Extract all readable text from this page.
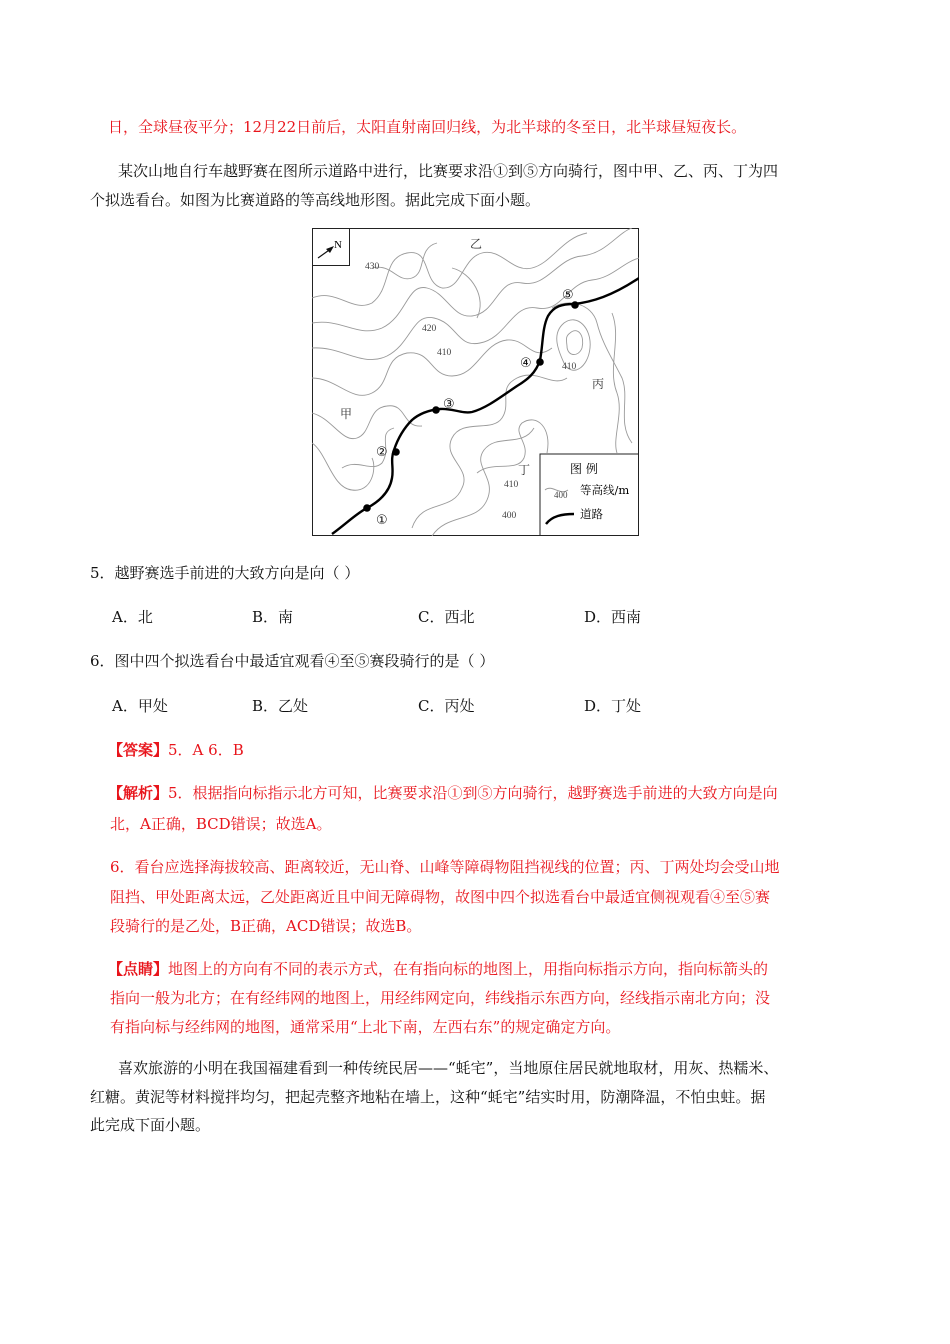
日，全球昼夜平分；12月22日前后，太阳直射南回归线，为北半球的冬至日，北半球昼短夜长。
某次山地自行车越野赛在图所示道路中进行，比赛要求沿①到⑤方向骑行，图中甲、乙、丙、丁为四
个拟选看台。如图为比赛道路的等高线地形图。据此完成下面小题。
N
①
②
③
④
⑤
乙
甲
丙
丁
430
420
410
410
410
400
图 例
400 等高线/m
道路
5．越野赛选手前进的大致方向是向（ ）
A．北	B．南	C．西北	D．西南
6．图中四个拟选看台中最适宜观看④至⑤赛段骑行的是（ ）
A．甲处	B．乙处	C．丙处	D．丁处
【答案】5．A 6．B
【解析】5．根据指向标指示北方可知，比赛要求沿①到⑤方向骑行，越野赛选手前进的大致方向是向
北，A正确，BCD错误；故选A。
6．看台应选择海拔较高、距离较近，无山脊、山峰等障碍物阻挡视线的位置；丙、丁两处均会受山地
阻挡、甲处距离太远，乙处距离近且中间无障碍物，故图中四个拟选看台中最适宜侧视观看④至⑤赛
段骑行的是乙处，B正确，ACD错误；故选B。
【点睛】地图上的方向有不同的表示方式，在有指向标的地图上，用指向标指示方向，指向标箭头的
指向一般为北方；在有经纬网的地图上，用经纬网定向，纬线指示东西方向，经线指示南北方向；没
有指向标与经纬网的地图，通常采用“上北下南，左西右东”的规定确定方向。
喜欢旅游的小明在我国福建看到一种传统民居——“蚝宅”，当地原住居民就地取材，用灰、热糯米、
红糖。黄泥等材料搅拌均匀，把起壳整齐地粘在墙上，这种“蚝宅”结实时用，防潮降温，不怕虫蛀。据
此完成下面小题。
